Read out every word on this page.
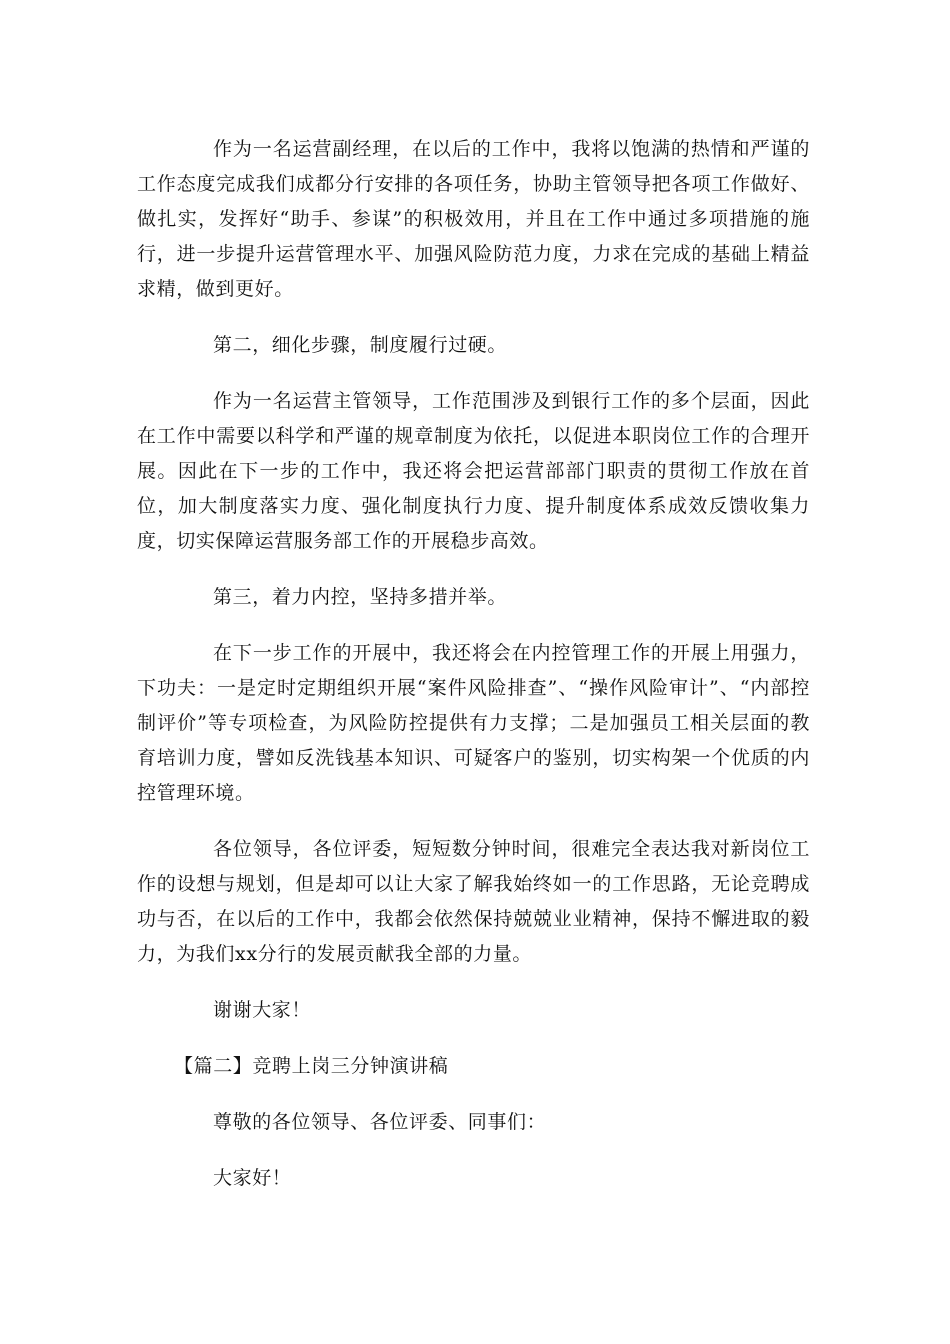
作为一名运营副经理，在以后的工作中，我将以饱满的热情和严谨的工作态度完成我们成都分行安排的各项任务，协助主管领导把各项工作做好、做扎实，发挥好“助手、参谋”的积极效用，并且在工作中通过多项措施的施行，进一步提升运营管理水平、加强风险防范力度，力求在完成的基础上精益求精，做到更好。

第二，细化步骤，制度履行过硬。

作为一名运营主管领导，工作范围涉及到银行工作的多个层面，因此在工作中需要以科学和严谨的规章制度为依托，以促进本职岗位工作的合理开展。因此在下一步的工作中，我还将会把运营部部门职责的贯彻工作放在首位，加大制度落实力度、强化制度执行力度、提升制度体系成效反馈收集力度，切实保障运营服务部工作的开展稳步高效。

第三，着力内控，坚持多措并举。

在下一步工作的开展中，我还将会在内控管理工作的开展上用强力，下功夫：一是定时定期组织开展“案件风险排查”、“操作风险审计”、“内部控制评价”等专项检查，为风险防控提供有力支撑；二是加强员工相关层面的教育培训力度，譬如反洗钱基本知识、可疑客户的鉴别，切实构架一个优质的内控管理环境。

各位领导，各位评委，短短数分钟时间，很难完全表达我对新岗位工作的设想与规划，但是却可以让大家了解我始终如一的工作思路，无论竞聘成功与否，在以后的工作中，我都会依然保持兢兢业业精神，保持不懈进取的毅力，为我们xx分行的发展贡献我全部的力量。

谢谢大家！

【篇二】竞聘上岗三分钟演讲稿

尊敬的各位领导、各位评委、同事们：

大家好！
